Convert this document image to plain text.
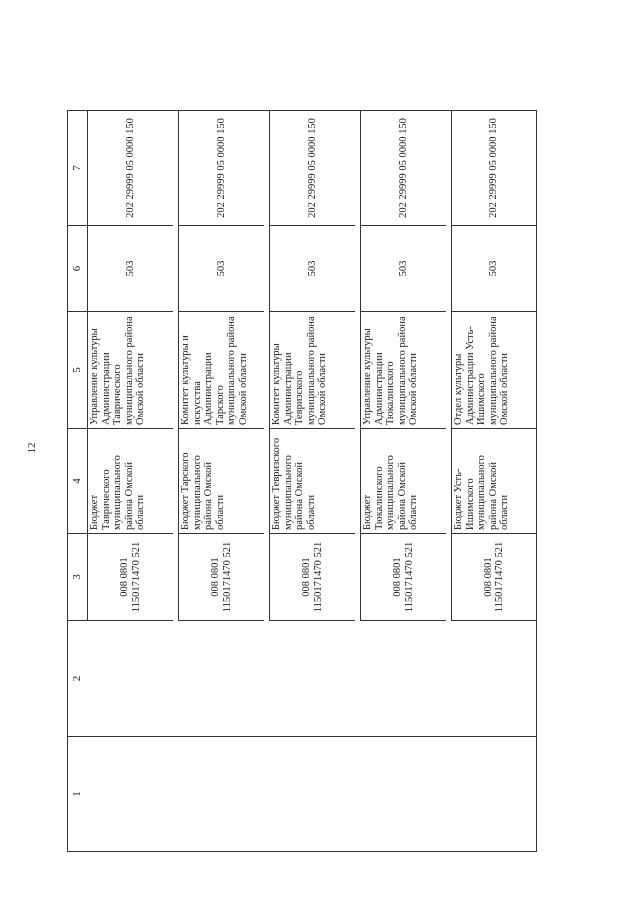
12
1
2
3
4
5
6
7
008 0801
1150171470 521
Бюджет Таврического муниципального района Омской области
Управление культуры Администрации Таврического муниципального района Омской области
503
202 29999 05 0000 150
008 0801
1150171470 521
Бюджет Тарского муниципального района Омской области
Комитет культуры и искусства Администрации Тарского муниципального района Омской области
503
202 29999 05 0000 150
008 0801
1150171470 521
Бюджет Тевризского муниципального района Омской области
Комитет культуры Администрации Тевризского муниципального района Омской области
503
202 29999 05 0000 150
008 0801
1150171470 521
Бюджет Тюкалинского муниципального района Омской области
Управление культуры Администрации Тюкалинского муниципального района Омской области
503
202 29999 05 0000 150
008 0801
1150171470 521
Бюджет Усть-Ишимского муниципального района Омской области
Отдел культуры Администрации Усть-Ишимского муниципального района Омской области
503
202 29999 05 0000 150
